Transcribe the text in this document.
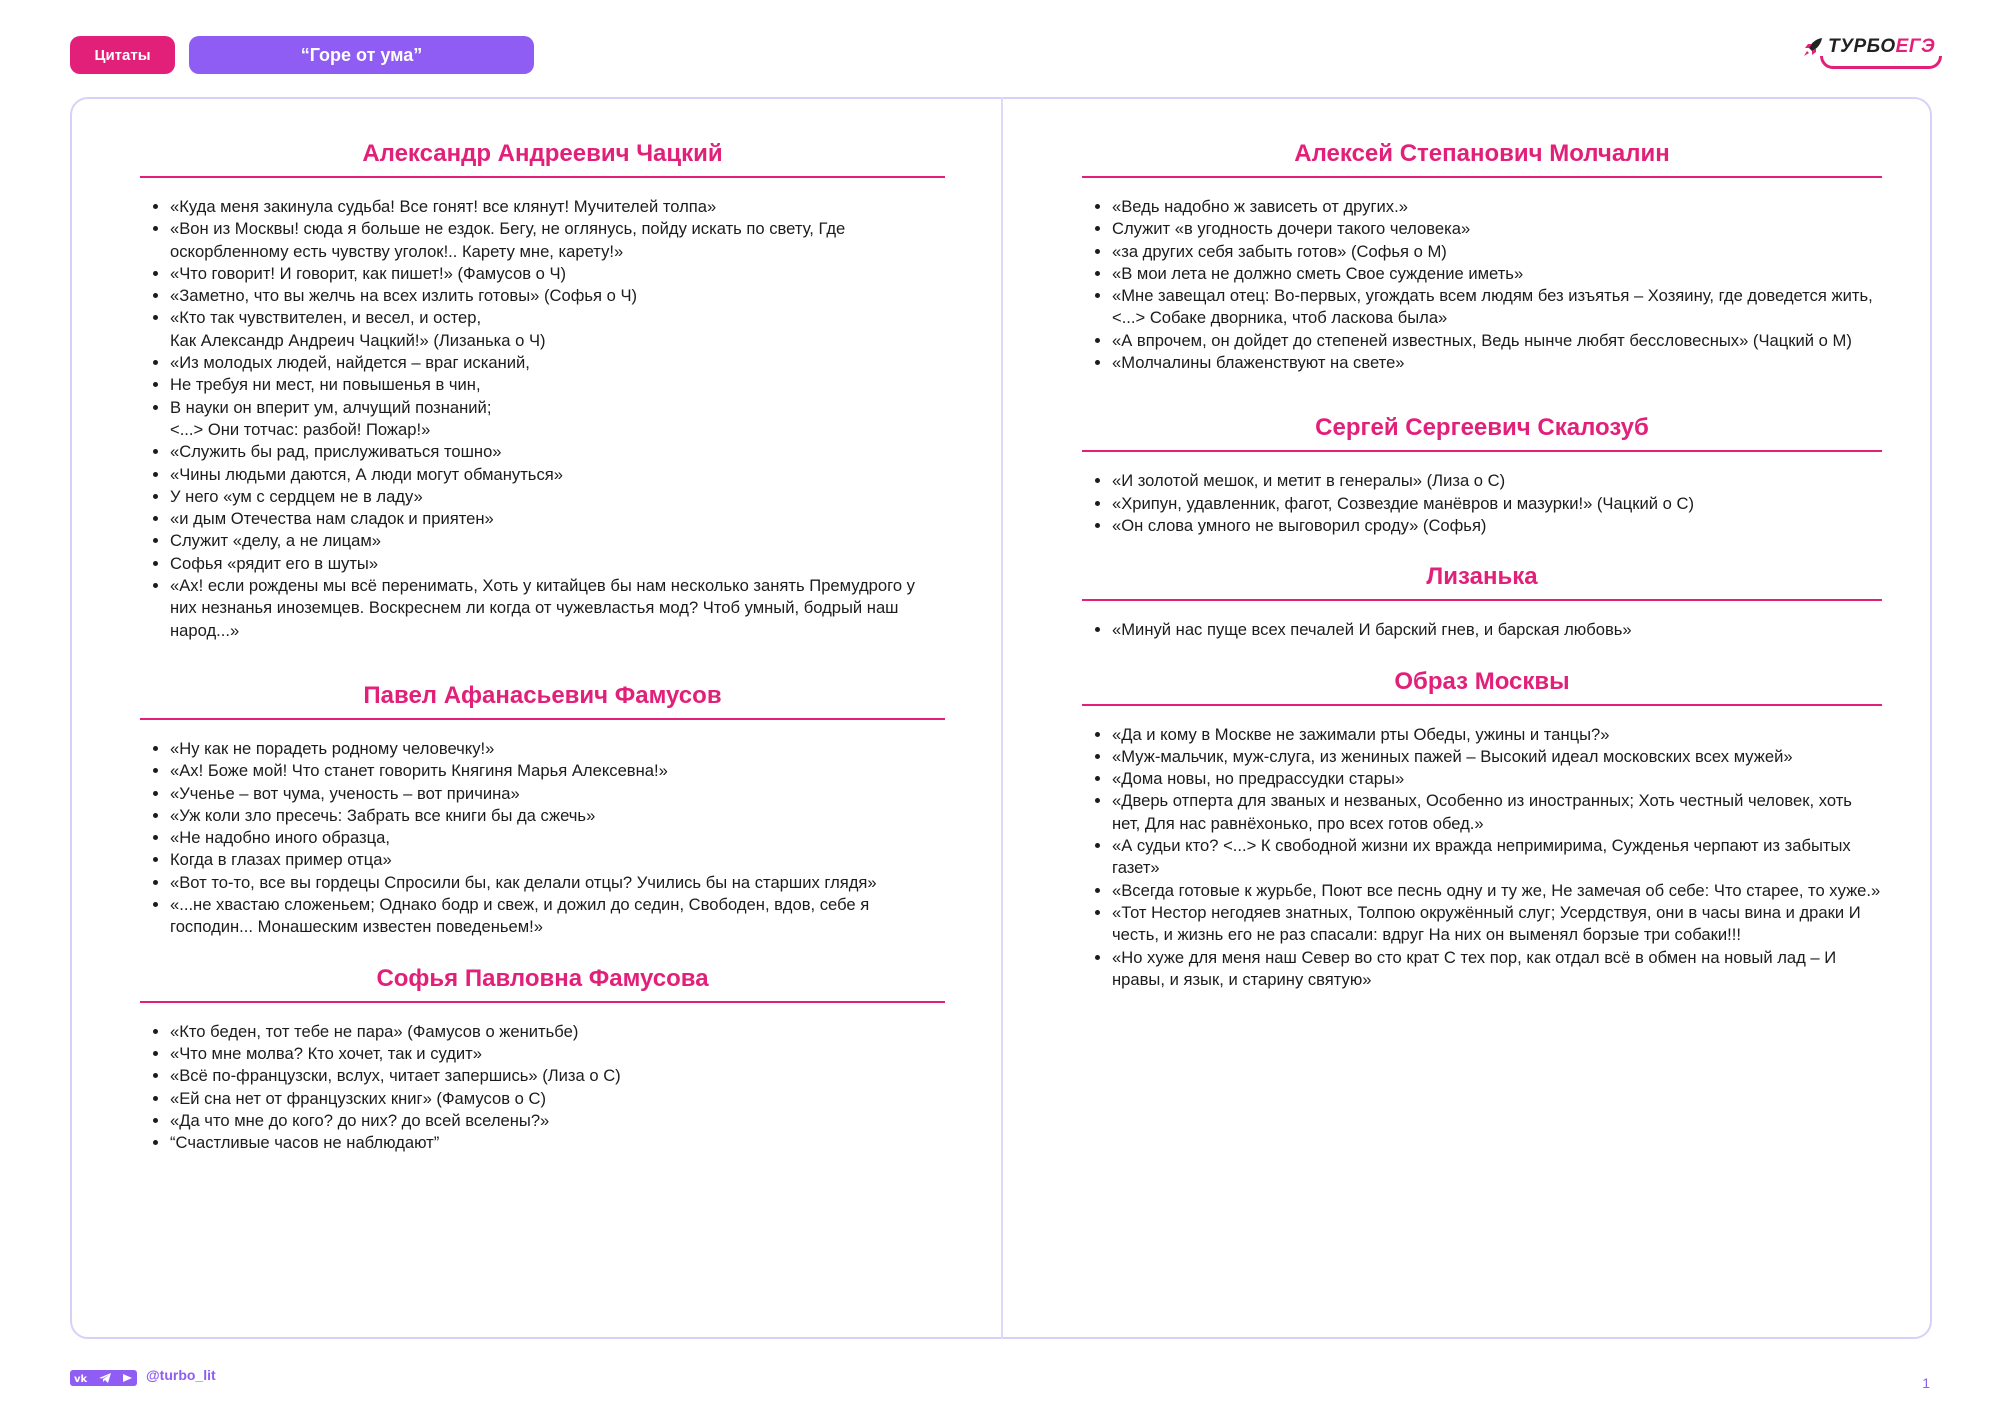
Цитаты	“Горе от ума”	ТУРБОЕГЭ
Александр Андреевич Чацкий
• «Куда меня закинула судьба! Все гонят! все клянут! Мучителей толпа»
• «Вон из Москвы! сюда я больше не ездок. Бегу, не оглянусь, пойду искать по свету, Где оскорбленному есть чувству уголок!.. Карету мне, карету!»
• «Что говорит! И говорит, как пишет!» (Фамусов о Ч)
• «Заметно, что вы желчь на всех излить готовы» (Софья о Ч)
• «Кто так чувствителен, и весел, и остер,
Как Александр Андреич Чацкий!» (Лизанька о Ч)
• «Из молодых людей, найдется – враг исканий,
• Не требуя ни мест, ни повышенья в чин,
• В науки он вперит ум, алчущий познаний;
<...> Они тотчас: разбой! Пожар!»
• «Служить бы рад, прислуживаться тошно»
• «Чины людьми даются, А люди могут обмануться»
• У него «ум с сердцем не в ладу»
• «и дым Отечества нам сладок и приятен»
• Служит «делу, а не лицам»
• Софья «рядит его в шуты»
• «Ах! если рождены мы всё перенимать, Хоть у китайцев бы нам несколько занять Премудрого у них незнанья иноземцев. Воскреснем ли когда от чужевластья мод? Чтоб умный, бодрый наш народ...»
Павел Афанасьевич Фамусов
• «Ну как не порадеть родному человечку!»
• «Ах! Боже мой! Что станет говорить Княгиня Марья Алексевна!»
• «Ученье – вот чума, ученость – вот причина»
• «Уж коли зло пресечь: Забрать все книги бы да сжечь»
• «Не надобно иного образца,
• Когда в глазах пример отца»
• «Вот то-то, все вы гордецы Спросили бы, как делали отцы? Учились бы на старших глядя»
• «...не хвастаю сложеньем; Однако бодр и свеж, и дожил до седин, Свободен, вдов, себе я господин... Монашеским известен поведеньем!»
Софья Павловна Фамусова
• «Кто беден, тот тебе не пара» (Фамусов о женитьбе)
• «Что мне молва? Кто хочет, так и судит»
• «Всё по-французски, вслух, читает запершись» (Лиза о С)
• «Ей сна нет от французских книг» (Фамусов о С)
• «Да что мне до кого? до них? до всей вселены?»
• “Счастливые часов не наблюдают”
Алексей Степанович Молчалин
• «Ведь надобно ж зависеть от других.»
• Служит «в угодность дочери такого человека»
• «за других себя забыть готов» (Софья о М)
• «В мои лета не должно сметь Свое суждение иметь»
• «Мне завещал отец: Во-первых, угождать всем людям без изъятья – Хозяину, где доведется жить, <...> Собаке дворника, чтоб ласкова была»
• «А впрочем, он дойдет до степеней известных, Ведь нынче любят бессловесных» (Чацкий о М)
• «Молчалины блаженствуют на свете»
Сергей Сергеевич Скалозуб
• «И золотой мешок, и метит в генералы» (Лиза о С)
• «Хрипун, удавленник, фагот, Созвездие манёвров и мазурки!» (Чацкий о С)
• «Он слова умного не выговорил сроду» (Софья)
Лизанька
• «Минуй нас пуще всех печалей И барский гнев, и барская любовь»
Образ Москвы
• «Да и кому в Москве не зажимали рты Обеды, ужины и танцы?»
• «Муж-мальчик, муж-слуга, из жениных пажей – Высокий идеал московских всех мужей»
• «Дома новы, но предрассудки стары»
• «Дверь отперта для званых и незваных, Особенно из иностранных; Хоть честный человек, хоть нет, Для нас равнёхонько, про всех готов обед.»
• «А судьи кто? <...> К свободной жизни их вражда непримирима, Сужденья черпают из забытых газет»
• «Всегда готовые к журьбе, Поют все песнь одну и ту же, Не замечая об себе: Что старее, то хуже.»
• «Тот Нестор негодяев знатных, Толпою окружённый слуг; Усердствуя, они в часы вина и драки И честь, и жизнь его не раз спасали: вдруг На них он выменял борзые три собаки!!!
• «Но хуже для меня наш Север во сто крат С тех пор, как отдал всё в обмен на новый лад – И нравы, и язык, и старину святую»
vk	@turbo_lit	1
